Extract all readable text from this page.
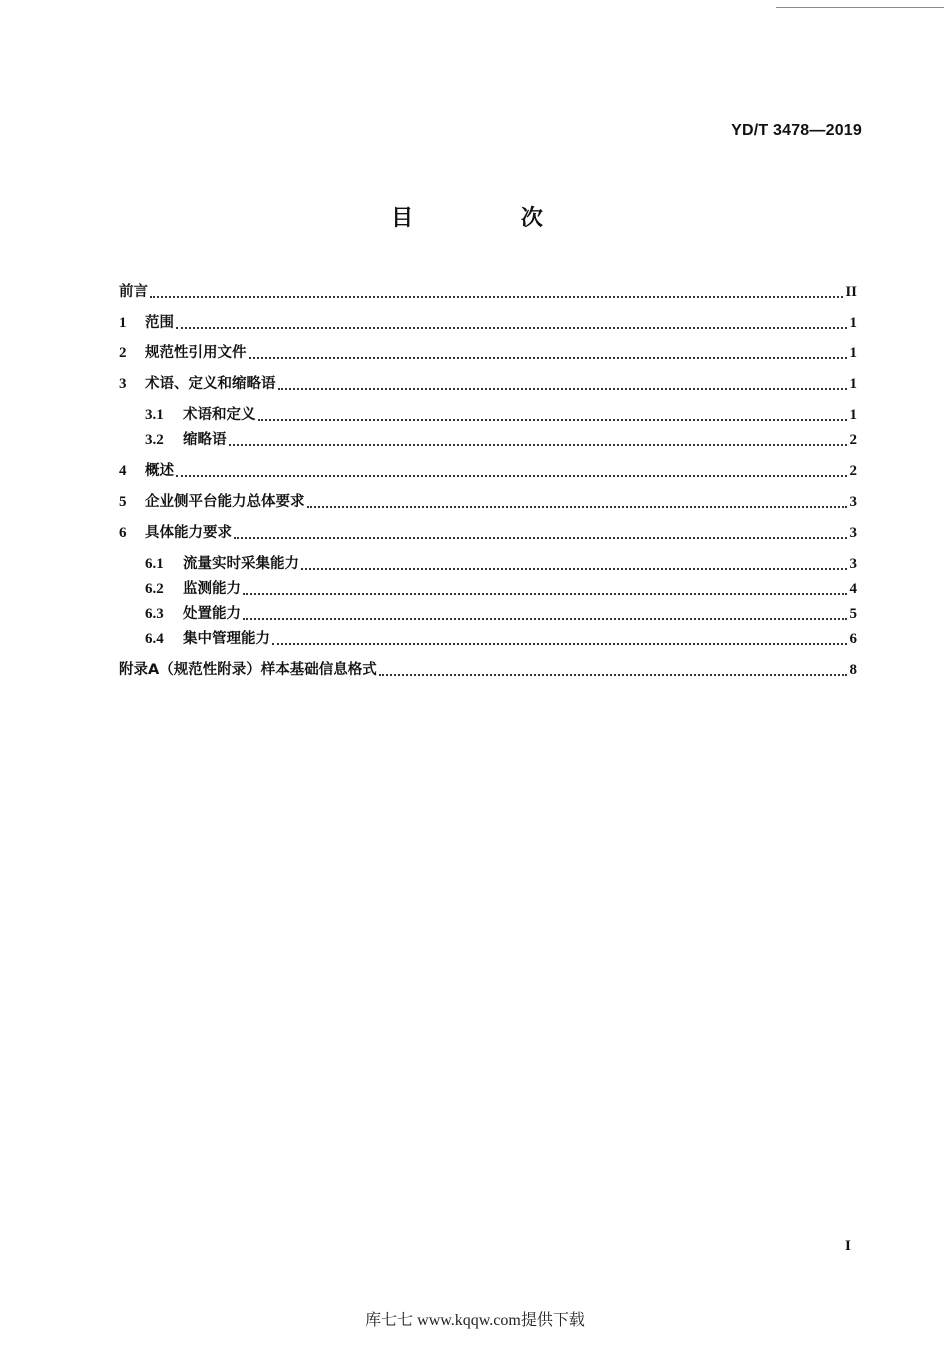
YD/T 3478—2019
目 次
前言	II
1	范围	1
2	规范性引用文件	1
3	术语、定义和缩略语	1
3.1	术语和定义	1
3.2	缩略语	2
4	概述	2
5	企业侧平台能力总体要求	3
6	具体能力要求	3
6.1	流量实时采集能力	3
6.2	监测能力	4
6.3	处置能力	5
6.4	集中管理能力	6
附录A（规范性附录）样本基础信息格式	8
I
库七七 www.kqqw.com提供下载
